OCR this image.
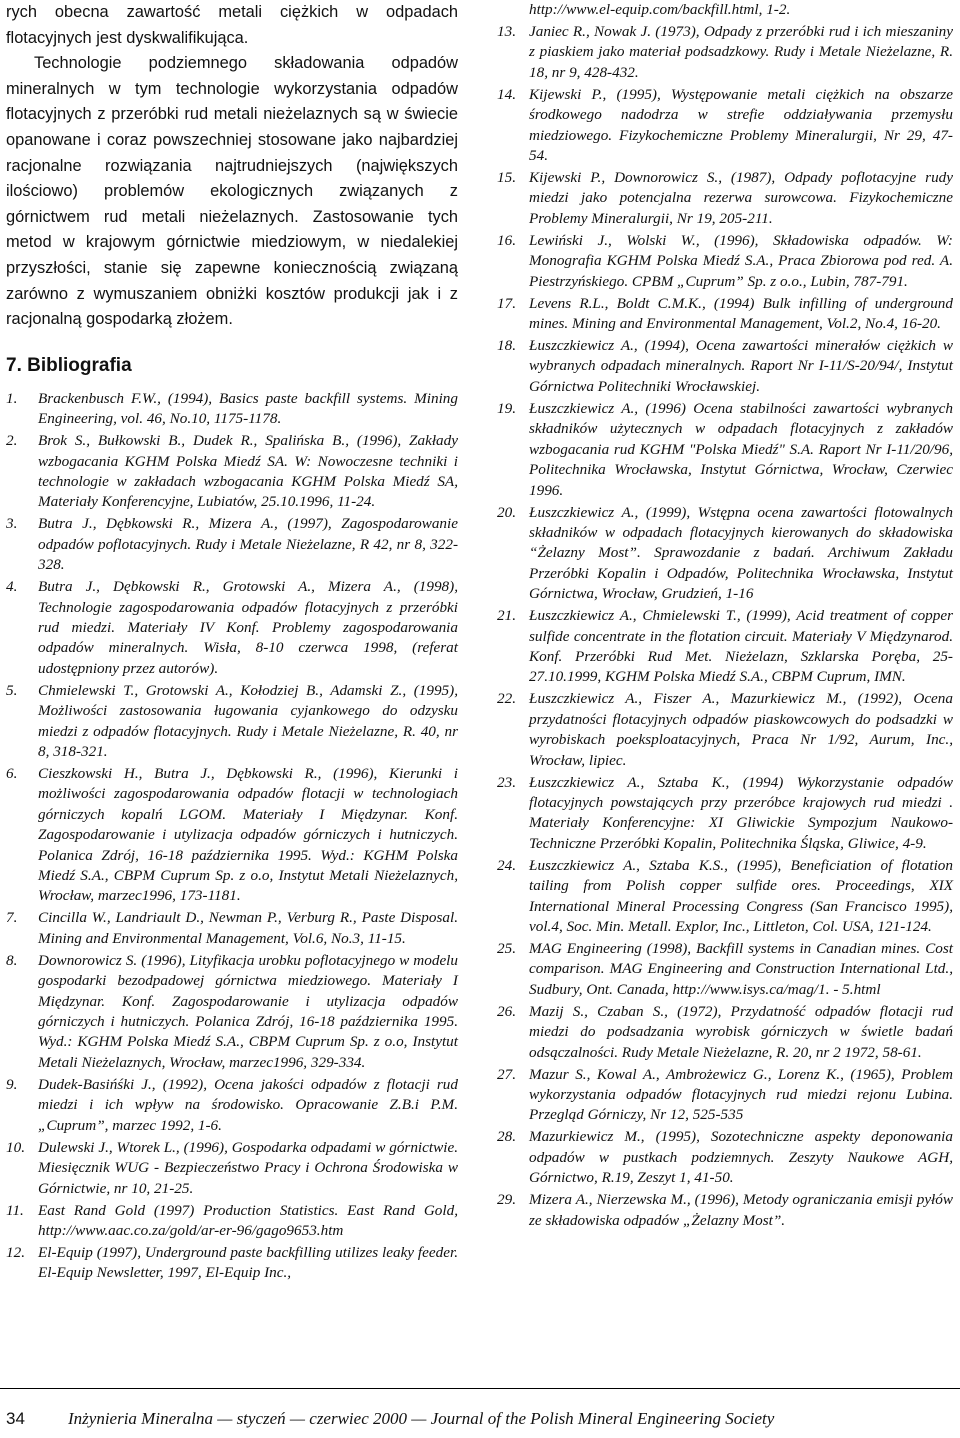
rych obecna zawartość metali ciężkich w odpadach flotacyjnych jest dyskwalifikująca.

Technologie podziemnego składowania odpadów mineralnych w tym technologie wykorzystania odpadów flotacyjnych z przeróbki rud metali nieżelaznych są w świecie opanowane i coraz powszechniej stosowane jako najbardziej racjonalne rozwiązania najtrudniejszych (największych ilościowo) problemów ekologicznych związanych z górnictwem rud metali nieżelaznych. Zastosowanie tych metod w krajowym górnictwie miedziowym, w niedalekiej przyszłości, stanie się zapewne koniecznością związaną zarówno z wymuszaniem obniżki kosztów produkcji jak i z racjonalną gospodarką złożem.

7. Bibliografia
1. Brackenbusch F.W., (1994), Basics paste backfill systems. Mining Engineering, vol. 46, No.10, 1175-1178.
2. Brok S., Bułkowski B., Dudek R., Spalińska B., (1996), Zakłady wzbogacania KGHM Polska Miedź SA. W: Nowoczesne techniki i technologie w zakładach wzbogacania KGHM Polska Miedź SA, Materiały Konferencyjne, Lubiatów, 25.10.1996, 11-24.
3. Butra J., Dębkowski R., Mizera A., (1997), Zagospodarowanie odpadów poflotacyjnych. Rudy i Metale Nieżelazne, R 42, nr 8, 322-328.
4. Butra J., Dębkowski R., Grotowski A., Mizera A., (1998), Technologie zagospodarowania odpadów flotacyjnych z przeróbki rud miedzi. Materiały IV Konf. Problemy zagospodarowania odpadów mineralnych. Wisła, 8-10 czerwca 1998, (referat udostępniony przez autorów).
5. Chmielewski T., Grotowski A., Kołodziej B., Adamski Z., (1995), Możliwości zastosowania ługowania cyjankowego do odzysku miedzi z odpadów flotacyjnych. Rudy i Metale Nieżelazne, R. 40, nr 8, 318-321.
6. Cieszkowski H., Butra J., Dębkowski R., (1996), Kierunki i możliwości zagospodarowania odpadów flotacji w technologiach górniczych kopalń LGOM. Materiały I Międzynar. Konf. Zagospodarowanie i utylizacja odpadów górniczych i hutniczych. Polanica Zdrój, 16-18 października 1995. Wyd.: KGHM Polska Miedź S.A., CBPM Cuprum Sp. z o.o, Instytut Metali Nieżelaznych, Wrocław, marzec1996, 173-1181.
7. Cincilla W., Landriault D., Newman P., Verburg R., Paste Disposal. Mining and Environmental Management, Vol.6, No.3, 11-15.
8. Downorowicz S. (1996), Lityfikacja urobku poflotacyjnego w modelu gospodarki bezodpadowej górnictwa miedziowego. Materiały I Międzynar. Konf. Zagospodarowanie i utylizacja odpadów górniczych i hutniczych. Polanica Zdrój, 16-18 października 1995. Wyd.: KGHM Polska Miedź S.A., CBPM Cuprum Sp. z o.o, Instytut Metali Nieżelaznych, Wrocław, marzec1996, 329-334.
9. Dudek-Basińśki J., (1992), Ocena jakości odpadów z flotacji rud miedzi i ich wpływ na środowisko. Opracowanie Z.B.i P.M. „Cuprum”, marzec 1992, 1-6.
10. Dulewski J., Wtorek L., (1996), Gospodarka odpadami w górnictwie. Miesięcznik WUG - Bezpieczeństwo Pracy i Ochrona Środowiska w Górnictwie, nr 10, 21-25.
11. East Rand Gold (1997) Production Statistics. East Rand Gold, http://www.aac.co.za/gold/ar-er-96/gago9653.htm
12. El-Equip (1997), Underground paste backfilling utilizes leaky feeder. El-Equip Newsletter, 1997, El-Equip Inc.,
http://www.el-equip.com/backfill.html, 1-2.
13. Janiec R., Nowak J. (1973), Odpady z przeróbki rud i ich mieszaniny z piaskiem jako materiał podsadzkowy. Rudy i Metale Nieżelazne, R. 18, nr 9, 428-432.
14. Kijewski P., (1995), Występowanie metali ciężkich na obszarze środkowego nadodrza w strefie oddziaływania przemysłu miedziowego. Fizykochemiczne Problemy Mineralurgii, Nr 29, 47-54.
15. Kijewski P., Downorowicz S., (1987), Odpady poflotacyjne rudy miedzi jako potencjalna rezerwa surowcowa. Fizykochemiczne Problemy Mineralurgii, Nr 19, 205-211.
16. Lewiński J., Wolski W., (1996), Składowiska odpadów. W: Monografia KGHM Polska Miedź S.A., Praca Zbiorowa pod red. A. Piestrzyńskiego. CPBM „Cuprum” Sp. z o.o., Lubin, 787-791.
17. Levens R.L., Boldt C.M.K., (1994) Bulk infilling of underground mines. Mining and Environmental Management, Vol.2, No.4, 16-20.
18. Łuszczkiewicz A., (1994), Ocena zawartości minerałów ciężkich w wybranych odpadach mineralnych. Raport Nr I-11/S-20/94/, Instytut Górnictwa Politechniki Wrocławskiej.
19. Łuszczkiewicz A., (1996) Ocena stabilności zawartości wybranych składników użytecznych w odpadach flotacyjnych z zakładów wzbogacania rud KGHM "Polska Miedź" S.A. Raport Nr I-11/20/96, Politechnika Wrocławska, Instytut Górnictwa, Wrocław, Czerwiec 1996.
20. Łuszczkiewicz A., (1999), Wstępna ocena zawartości flotowalnych składników w odpadach flotacyjnych kierowanych do składowiska “Żelazny Most”. Sprawozdanie z badań. Archiwum Zakładu Przeróbki Kopalin i Odpadów, Politechnika Wrocławska, Instytut Górnictwa, Wrocław, Grudzień, 1-16
21. Łuszczkiewicz A., Chmielewski T., (1999), Acid treatment of copper sulfide concentrate in the flotation circuit. Materiały V Międzynarod. Konf. Przeróbki Rud Met. Nieżelazn, Szklarska Poręba, 25-27.10.1999, KGHM Polska Miedź S.A., CBPM Cuprum, IMN.
22. Łuszczkiewicz A., Fiszer A., Mazurkiewicz M., (1992), Ocena przydatności flotacyjnych odpadów piaskowcowych do podsadzki w wyrobiskach poeksploatacyjnych, Praca Nr 1/92, Aurum, Inc., Wrocław, lipiec.
23. Łuszczkiewicz A., Sztaba K., (1994) Wykorzystanie odpadów flotacyjnych powstających przy przeróbce krajowych rud miedzi . Materiały Konferencyjne: XI Gliwickie Sympozjum Naukowo-Techniczne Przeróbki Kopalin, Politechnika Śląska, Gliwice, 4-9.
24. Łuszczkiewicz A., Sztaba K.S., (1995), Beneficiation of flotation tailing from Polish copper sulfide ores. Proceedings, XIX International Mineral Processing Congress (San Francisco 1995), vol.4, Soc. Min. Metall. Explor, Inc., Littleton, Col. USA, 121-124.
25. MAG Engineering (1998), Backfill systems in Canadian mines. Cost comparison. MAG Engineering and Construction International Ltd., Sudbury, Ont. Canada, http://www.isys.ca/mag/1. - 5.html
26. Mazij S., Czaban S., (1972), Przydatność odpadów flotacji rud miedzi do podsadzania wyrobisk górniczych w świetle badań odsączalności. Rudy Metale Nieżelazne, R. 20, nr 2 1972, 58-61.
27. Mazur S., Kowal A., Ambrożewicz G., Lorenz K., (1965), Problem wykorzystania odpadów flotacyjnych rud miedzi rejonu Lubina. Przegląd Górniczy, Nr 12, 525-535
28. Mazurkiewicz M., (1995), Sozotechniczne aspekty deponowania odpadów w pustkach podziemnych. Zeszyty Naukowe AGH, Górnictwo, R.19, Zeszyt 1, 41-50.
29. Mizera A., Nierzewska M., (1996), Metody ograniczania emisji pyłów ze składowiska odpadów „Żelazny Most”.
34	Inżynieria Mineralna — styczeń — czerwiec 2000 — Journal of the Polish Mineral Engineering Society
